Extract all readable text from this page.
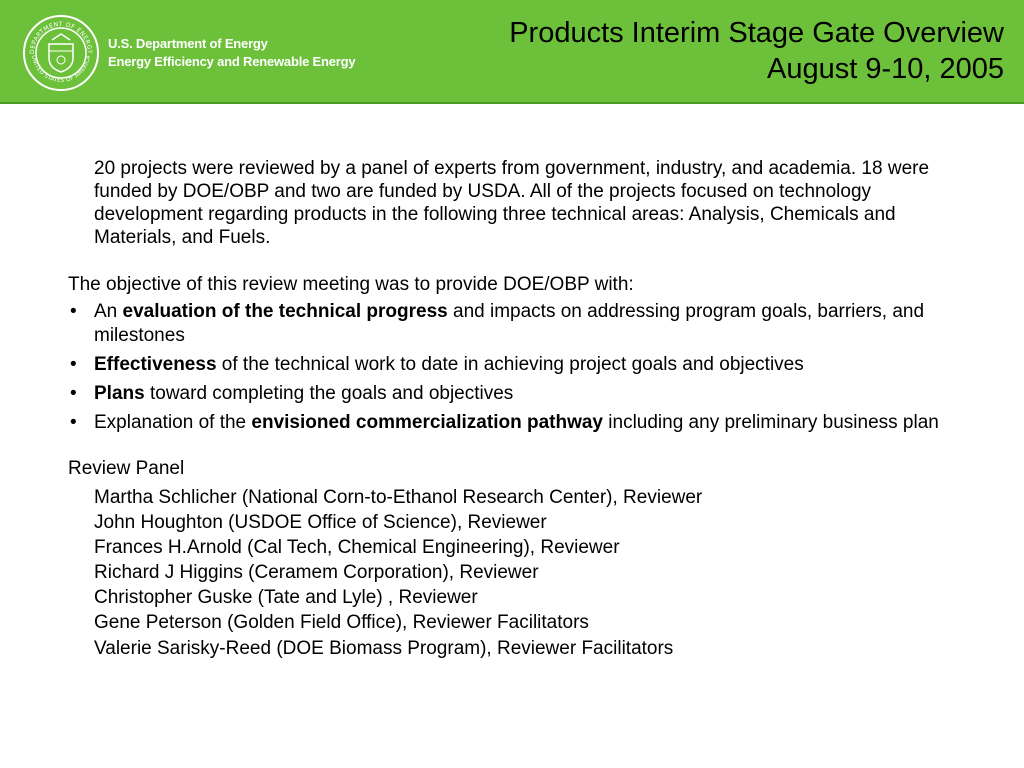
DEPARTMENT OF ENERGY
UNITED STATES OF AMERICA
U.S. Department of Energy
Energy Efficiency and Renewable Energy
Products Interim Stage Gate Overview
August 9-10, 2005

20 projects were reviewed by a panel of experts from government, industry, and academia. 18 were funded by DOE/OBP and two are funded by USDA. All of the projects focused on technology development regarding products in the following three technical areas: Analysis, Chemicals and Materials, and Fuels.

The objective of this review meeting was to provide DOE/OBP with:

• An evaluation of the technical progress and impacts on addressing program goals, barriers, and milestones
• Effectiveness of the technical work to date in achieving project goals and objectives
• Plans toward completing the goals and objectives
• Explanation of the envisioned commercialization pathway including any preliminary business plan

Review Panel

Martha Schlicher (National Corn-to-Ethanol Research Center), Reviewer
John Houghton (USDOE Office of Science), Reviewer
Frances H.Arnold (Cal Tech, Chemical Engineering), Reviewer
Richard J Higgins (Ceramem Corporation), Reviewer
Christopher Guske (Tate and Lyle) , Reviewer
Gene Peterson (Golden Field Office), Reviewer Facilitators
Valerie Sarisky-Reed (DOE Biomass Program), Reviewer Facilitators
